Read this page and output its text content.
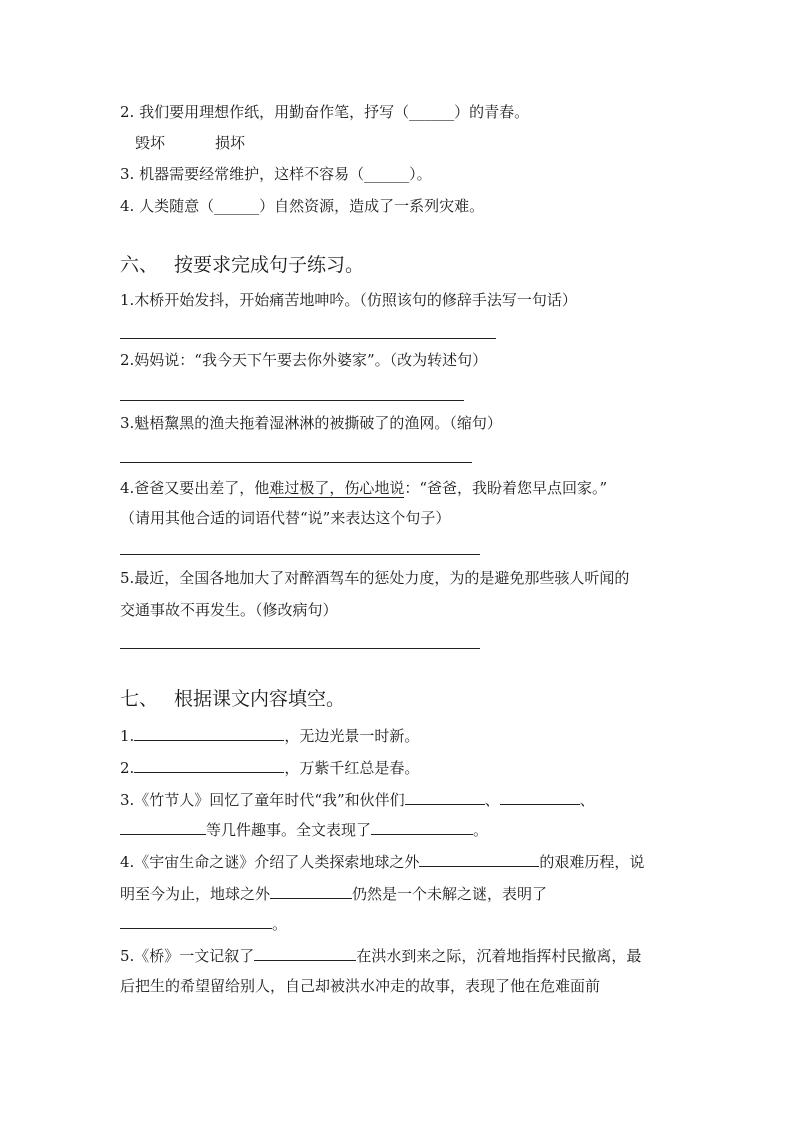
2. 我们要用理想作纸，用勤奋作笔，抒写（______）的青春。
毁坏	损坏
3. 机器需要经常维护，这样不容易（______）。
4. 人类随意（______）自然资源，造成了一系列灾难。
六、 按要求完成句子练习。
1.木桥开始发抖，开始痛苦地呻吟。（仿照该句的修辞手法写一句话）
2.妈妈说：“我今天下午要去你外婆家”。（改为转述句）
3.魁梧黧黑的渔夫拖着湿淋淋的被撕破了的渔网。（缩句）
4.爸爸又要出差了，他难过极了，伤心地说：“爸爸，我盼着您早点回家。”
（请用其他合适的词语代替“说”来表达这个句子）
5.最近，全国各地加大了对醉酒驾车的惩处力度，为的是避免那些骇人听闻的
交通事故不再发生。（修改病句）
七、 根据课文内容填空。
1.	，无边光景一时新。
2.	，万紫千红总是春。
3.《竹节人》回忆了童年时代“我”和伙伴们	、	、
等几件趣事。全文表现了	。
4.《宇宙生命之谜》介绍了人类探索地球之外	的艰难历程，说
明至今为止，地球之外	仍然是一个未解之谜，表明了
。
5.《桥》一文记叙了	在洪水到来之际，沉着地指挥村民撤离，最
后把生的希望留给别人，自己却被洪水冲走的故事，表现了他在危难面前
